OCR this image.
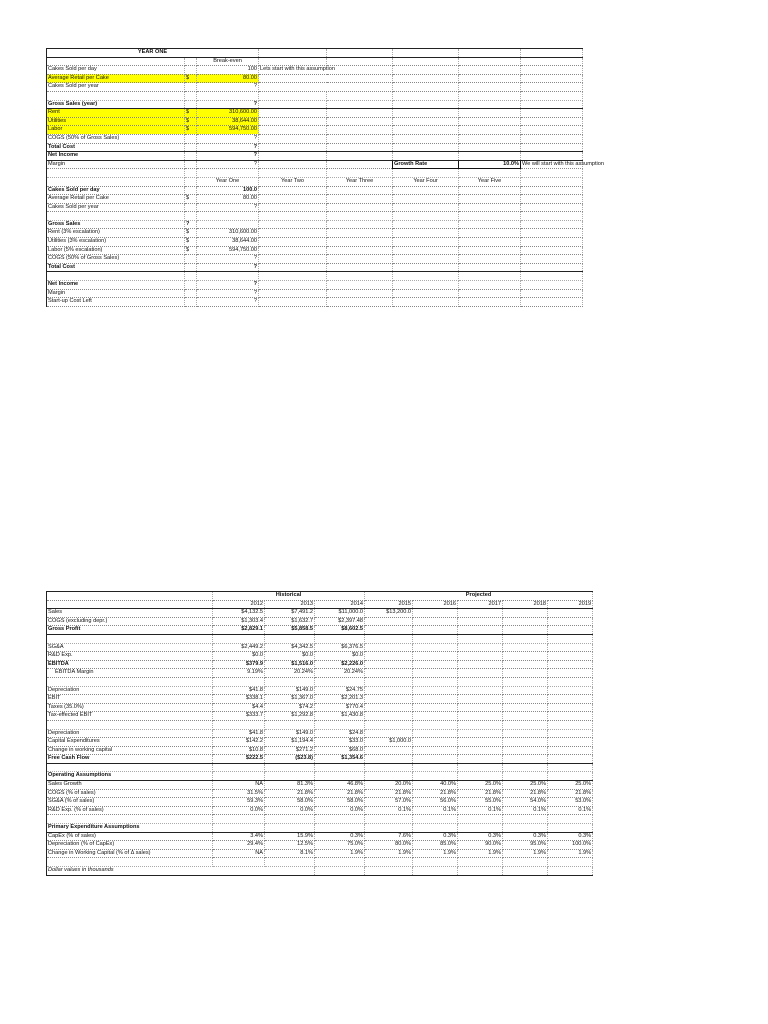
YEAR ONE							
		Break-even					
Cakes Sold per day		100	Lets start with this assumption				
Average Retail per Cake	$	80.00					
Cakes Sold per year		?					

Gross Sales (year)		?					
Rent	$	310,600.00					
Utilities	$	38,644.00					
Labor	$	594,750.00					
COGS (50% of Gross Sales)		?					
Total Cost		?					
Net Income		?					
Margin		?			Growth Rate	10.0%	We will start with this assumption

		Year One	Year Two	Year Three	Year Four	Year Five	
Cakes Sold per day		100.0					
Average Retail per Cake	$	80.00					
Cakes Sold per year		?					

Gross Sales	?						
Rent (3% escalation)	$	310,600.00					
Utilities (3% escalation)	$	38,644.00					
Labor (5% escalation)	$	594,750.00					
COGS (50% of Gross Sales)		?					
Total Cost		?					

Net Income		?					
Margin		?					
Start-up Cost Left		?					
	Historical			Projected				
	2012	2013	2014	2015	2016	2017	2018	2019
Sales	$4,132.5	$7,491.2	$11,000.0	$13,200.0				
COGS (excluding depr.)	$1,303.4	$1,632.7	$2,397.48					
Gross Profit	$2,829.1	$5,858.5	$8,602.5					

SG&A	$2,449.2	$4,342.5	$6,376.5					
R&D Exp.	$0.0	$0.0	$0.0					
EBITDA	$379.9	$1,516.0	$2,226.0					
EBITDA Margin	9.19%	20.24%	20.24%					

Depreciation	$41.8	$149.0	$24.75					
EBIT	$338.1	$1,367.0	$2,201.3					
Taxes (35.0%)	$4.4	$74.2	$770.4					
Tax-effected EBIT	$333.7	$1,292.8	$1,430.8					

Depreciation	$41.8	$149.0	$24.8					
Capital Expenditures	$142.2	$1,194.4	$33.0	$1,000.0				
Change in working capital	$10.8	$271.2	$68.0					
Free Cash Flow	$222.5	($23.8)	$1,354.6					

Operating Assumptions								
Sales Growth	NA	81.3%	46.8%	20.0%	40.0%	25.0%	25.0%	25.0%
COGS (% of sales)	31.5%	21.8%	21.8%	21.8%	21.8%	21.8%	21.8%	21.8%
SG&A (% of sales)	59.3%	58.0%	58.0%	57.0%	56.0%	55.0%	54.0%	53.0%
R&D Exp. (% of sales)	0.0%	0.0%	0.0%	0.1%	0.1%	0.1%	0.1%	0.1%

Primary Expenditure Assumptions								
CapEx (% of sales)	3.4%	15.9%	0.3%	7.6%	0.3%	0.3%	0.3%	0.3%
Depreciation (% of CapEx)	29.4%	12.5%	75.0%	80.0%	85.0%	90.0%	95.0%	100.0%
Change in Working Capital (% of Δ sales)	NA	8.1%	1.9%	1.9%	1.9%	1.9%	1.9%	1.9%

Dollar values in thousands								
